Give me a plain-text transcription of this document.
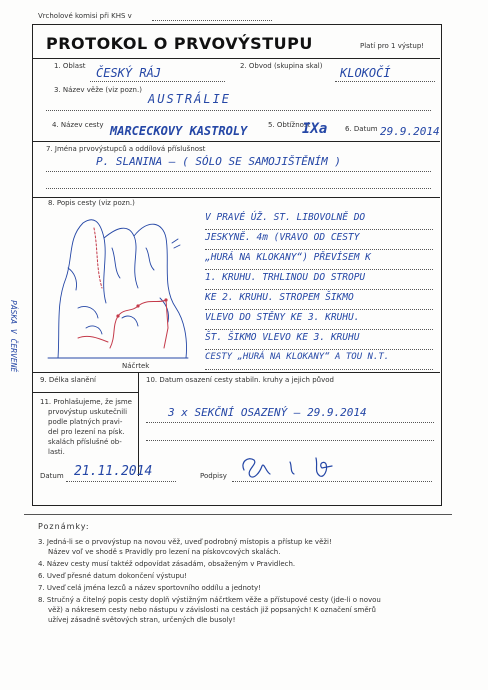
Vrcholové komisi při KHS v
PROTOKOL O PRVOVÝSTUPU	Platí pro 1 výstup!
1. Oblast ČESKÝ RÁJ	2. Obvod (skupina skal) KLOKOČÍ
3. Název věže (viz pozn.)
AUSTRÁLIE
4. Název cesty MARCECKOVY KASTROLY	5. Obtížnost
IXa	6. Datum 29.9.2014
7. Jména prvovýstupců a oddílová příslušnost
P. SLANINA — ( SÓLO SE SAMOJIŠTĚNÍM )
8. Popis cesty (viz pozn.)
Náčrtek
V PRAVÉ ÚŽ. ST. LIBOVOLNĚ DO
JESKYNĚ. 4m (VRAVO OD CESTY
„HURÁ NA KLOKANY“) PŘEVÍSEM K
1. KRUHU. TRHLINOU DO STROPU
KE 2. KRUHU. STROPEM ŠIKMO
VLEVO DO STĚNY KE 3. KRUHU.
ŠT. ŠIKMO VLEVO KE 3. KRUHU
CESTY „HURÁ NA KLOKANY“ A TOU N.T.
PÁSKA V ČERVENÉ
9. Délka slanění	10. Datum osazení cesty stabiln. kruhy a jejich původ
11. Prohlašujeme, že jsme
prvovýstup uskutečnili
podle platných pravi-
del pro lezení na písk.
skalách příslušné ob-
lasti.
3 x SEKČNÍ OSAZENÝ — 29.9.2014
Datum 21.11.2014	Podpisy
Poznámky:
3. Jedná-li se o prvovýstup na novou věž, uveď podrobný místopis a přístup ke věži!
Název voľ ve shodě s Pravidly pro lezení na pískovcových skalách.
4. Název cesty musí taktéž odpovídat zásadám, obsaženým v Pravidlech.
6. Uveď přesné datum dokončení výstupu!
7. Uveď celá jména lezců a název sportovního oddílu a jednoty!
8. Stručný a čitelný popis cesty doplň výstižným náčrtkem věže a přístupové cesty (jde-li o novou
věž) a nákresem cesty nebo nástupu v závislosti na cestách již popsaných! K označení směrů
užívej zásadně světových stran, určených dle busoly!
